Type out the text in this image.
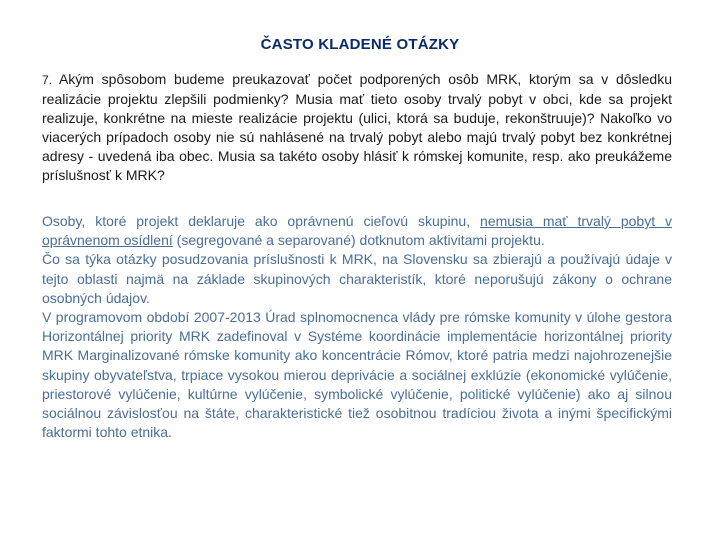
ČASTO KLADENÉ OTÁZKY

7. Akým spôsobom budeme preukazovať počet podporených osôb MRK, ktorým sa v dôsledku realizácie projektu zlepšili podmienky? Musia mať tieto osoby trvalý pobyt v obci, kde sa projekt realizuje, konkrétne na mieste realizácie projektu (ulici, ktorá sa buduje, rekonštruuje)? Nakoľko vo viacerých prípadoch osoby nie sú nahlásené na trvalý pobyt alebo majú trvalý pobyt bez konkrétnej adresy - uvedená iba obec. Musia sa takéto osoby hlásiť k rómskej komunite, resp. ako preukážeme príslušnosť k MRK?

Osoby, ktoré projekt deklaruje ako oprávnenú cieľovú skupinu, nemusia mať trvalý pobyt v oprávnenom osídlení (segregované a separované) dotknutom aktivitami projektu.

Čo sa týka otázky posudzovania príslušnosti k MRK, na Slovensku sa zbierajú a používajú údaje v tejto oblasti najmä na základe skupinových charakteristík, ktoré neporušujú zákony o ochrane osobných údajov.

V programovom období 2007-2013 Úrad splnomocnenca vlády pre rómske komunity v úlohe gestora Horizontálnej priority MRK zadefinoval v Systéme koordinácie implementácie horizontálnej priority MRK Marginalizované rómske komunity ako koncentrácie Rómov, ktoré patria medzi najohrozenejšie skupiny obyvateľstva, trpiace vysokou mierou deprivácie a sociálnej exklúzie (ekonomické vylúčenie, priestorové vylúčenie, kultúrne vylúčenie, symbolické vylúčenie, politické vylúčenie) ako aj silnou sociálnou závislosťou na štáte, charakteristické tiež osobitnou tradíciou života a inými špecifickými faktormi tohto etnika.
